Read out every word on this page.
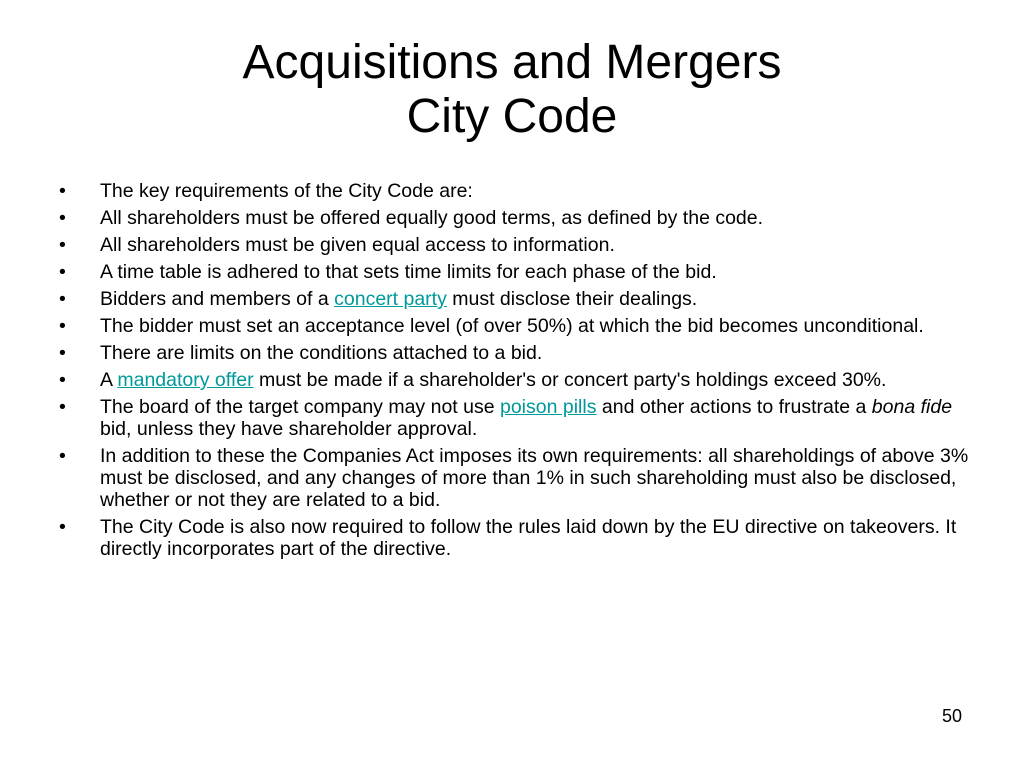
Acquisitions and Mergers
City Code
• The key requirements of the City Code are:
• All shareholders must be offered equally good terms, as defined by the code.
• All shareholders must be given equal access to information.
• A time table is adhered to that sets time limits for each phase of the bid.
• Bidders and members of a concert party must disclose their dealings.
• The bidder must set an acceptance level (of over 50%) at which the bid becomes unconditional.
• There are limits on the conditions attached to a bid.
• A mandatory offer must be made if a shareholder's or concert party's holdings exceed 30%.
• The board of the target company may not use poison pills and other actions to frustrate a bona fide bid, unless they have shareholder approval.
• In addition to these the Companies Act imposes its own requirements: all shareholdings of above 3% must be disclosed, and any changes of more than 1% in such shareholding must also be disclosed, whether or not they are related to a bid.
• The City Code is also now required to follow the rules laid down by the EU directive on takeovers. It directly incorporates part of the directive.
50
